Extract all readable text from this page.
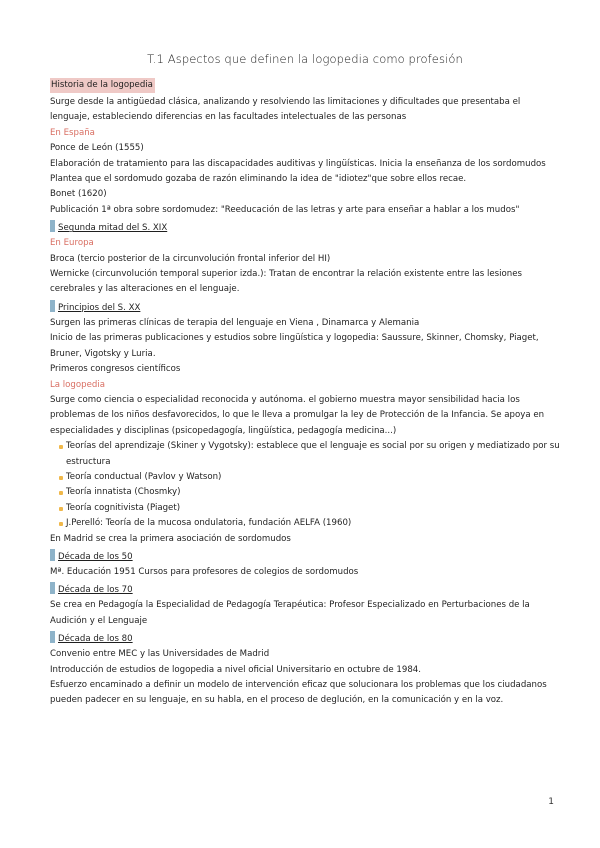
T.1 Aspectos que definen la logopedia como profesión

Historia de la logopedia

Surge desde la antigüedad clásica, analizando y resolviendo las limitaciones y dificultades que presentaba el lenguaje, estableciendo diferencias en las facultades intelectuales de las personas

En España

Ponce de León (1555)

Elaboración de tratamiento para las discapacidades auditivas y lingüísticas. Inicia la enseñanza de los sordomudos Plantea que el sordomudo gozaba de razón eliminando la idea de "idiotez"que sobre ellos recae.

Bonet (1620)

Publicación 1ª obra sobre sordomudez: "Reeducación de las letras y arte para enseñar a hablar a los mudos"

Segunda mitad del S. XIX

En Europa

Broca (tercio posterior de la circunvolución frontal inferior del HI)

Wernicke (circunvolución temporal superior izda.): Tratan de encontrar la relación existente entre las lesiones cerebrales y las alteraciones en el lenguaje.

Principios del S. XX

Surgen las primeras clínicas de terapia del lenguaje en Viena , Dinamarca y Alemania

Inicio de las primeras publicaciones y estudios sobre lingüística y logopedia: Saussure, Skinner, Chomsky, Piaget, Bruner, Vigotsky y Luria.

Primeros congresos científicos

La logopedia

Surge como ciencia o especialidad reconocida y autónoma. el gobierno muestra mayor sensibilidad hacia los problemas de los niños desfavorecidos, lo que le lleva a promulgar la ley de Protección de la Infancia. Se apoya en especialidades y disciplinas (psicopedagogía, lingüística, pedagogía medicina...)

Teorías del aprendizaje (Skiner y Vygotsky): establece que el lenguaje es social por su origen y mediatizado por su estructura
Teoría conductual (Pavlov y Watson)
Teoría innatista (Chosmky)
Teoría cognitivista (Piaget)
J.Perelló: Teoría de la mucosa ondulatoria, fundación AELFA (1960)

En Madrid se crea la primera asociación de sordomudos

Década de los 50

Mª. Educación 1951 Cursos para profesores de colegios de sordomudos

Década de los 70

Se crea en Pedagogía la Especialidad de Pedagogía Terapéutica: Profesor Especializado en Perturbaciones de la Audición y el Lenguaje

Década de los 80

Convenio entre MEC y las Universidades de Madrid

Introducción de estudios de logopedia a nivel oficial Universitario en octubre de 1984.

Esfuerzo encaminado a definir un modelo de intervención eficaz que solucionara los problemas que los ciudadanos pueden padecer en su lenguaje, en su habla, en el proceso de deglución, en la comunicación y en la voz.

1
